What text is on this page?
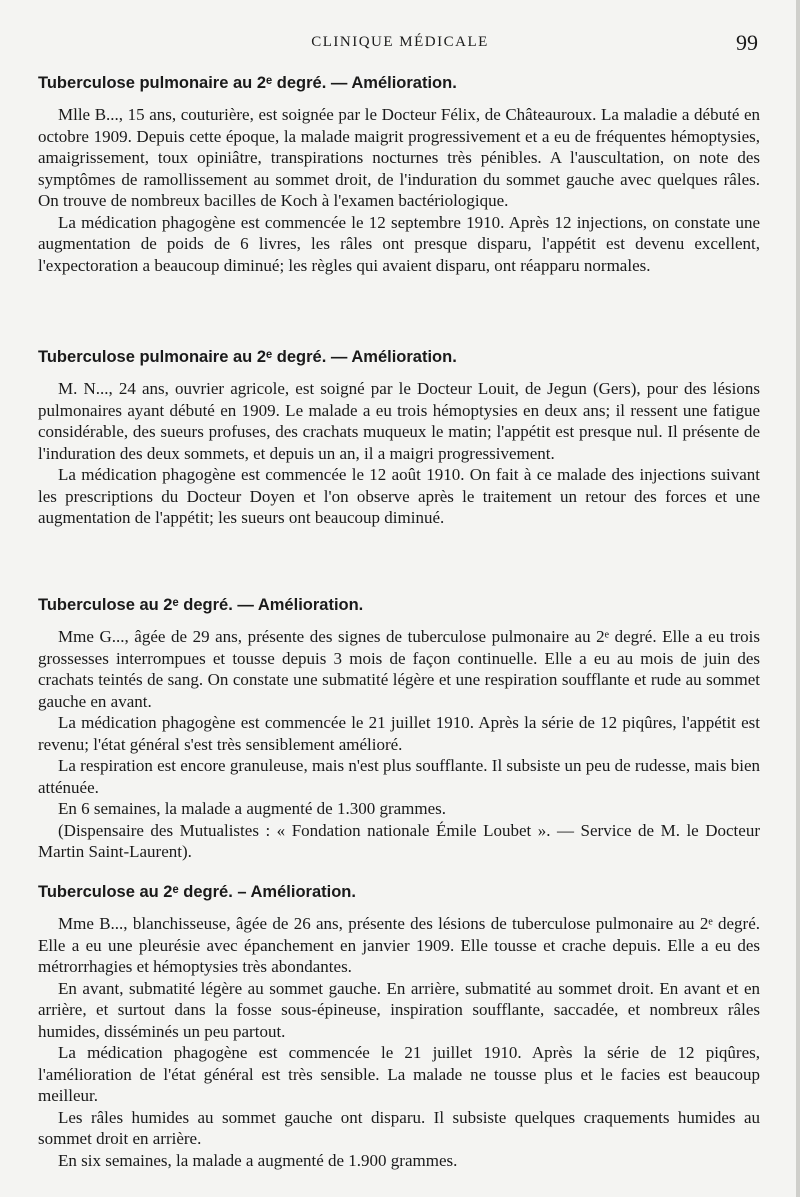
CLINIQUE MÉDICALE	99

Tuberculose pulmonaire au 2ᵉ degré. — Amélioration.

Mlle B..., 15 ans, couturière, est soignée par le Docteur Félix, de Châteauroux. La maladie a débuté en octobre 1909. Depuis cette époque, la malade maigrit progressivement et a eu de fréquentes hémoptysies, amaigrissement, toux opiniâtre, transpirations nocturnes très pénibles. A l'auscultation, on note des symptômes de ramollissement au sommet droit, de l'induration du sommet gauche avec quelques râles. On trouve de nombreux bacilles de Koch à l'examen bactériologique.

La médication phagogène est commencée le 12 septembre 1910. Après 12 injections, on constate une augmentation de poids de 6 livres, les râles ont presque disparu, l'appétit est devenu excellent, l'expectoration a beaucoup diminué; les règles qui avaient disparu, ont réapparu normales.

Tuberculose pulmonaire au 2ᵉ degré. — Amélioration.

M. N..., 24 ans, ouvrier agricole, est soigné par le Docteur Louit, de Jegun (Gers), pour des lésions pulmonaires ayant débuté en 1909. Le malade a eu trois hémoptysies en deux ans; il ressent une fatigue considérable, des sueurs profuses, des crachats muqueux le matin; l'appétit est presque nul. Il présente de l'induration des deux sommets, et depuis un an, il a maigri progressivement.

La médication phagogène est commencée le 12 août 1910. On fait à ce malade des injections suivant les prescriptions du Docteur Doyen et l'on observe après le traitement un retour des forces et une augmentation de l'appétit; les sueurs ont beaucoup diminué.

Tuberculose au 2ᵉ degré. — Amélioration.

Mme G..., âgée de 29 ans, présente des signes de tuberculose pulmonaire au 2ᵉ degré. Elle a eu trois grossesses interrompues et tousse depuis 3 mois de façon continuelle. Elle a eu au mois de juin des crachats teintés de sang. On constate une submatité légère et une respiration soufflante et rude au sommet gauche en avant.

La médication phagogène est commencée le 21 juillet 1910. Après la série de 12 piqûres, l'appétit est revenu; l'état général s'est très sensiblement amélioré.

La respiration est encore granuleuse, mais n'est plus soufflante. Il subsiste un peu de rudesse, mais bien atténuée.

En 6 semaines, la malade a augmenté de 1.300 grammes.

(Dispensaire des Mutualistes : « Fondation nationale Émile Loubet ». — Service de M. le Docteur Martin Saint-Laurent).

Tuberculose au 2ᵉ degré. – Amélioration.

Mme B..., blanchisseuse, âgée de 26 ans, présente des lésions de tuberculose pulmonaire au 2ᵉ degré. Elle a eu une pleurésie avec épanchement en janvier 1909. Elle tousse et crache depuis. Elle a eu des métrorrhagies et hémoptysies très abondantes.

En avant, submatité légère au sommet gauche. En arrière, submatité au sommet droit. En avant et en arrière, et surtout dans la fosse sous-épineuse, inspiration soufflante, saccadée, et nombreux râles humides, disséminés un peu partout.

La médication phagogène est commencée le 21 juillet 1910. Après la série de 12 piqûres, l'amélioration de l'état général est très sensible. La malade ne tousse plus et le facies est beaucoup meilleur.

Les râles humides au sommet gauche ont disparu. Il subsiste quelques craquements humides au sommet droit en arrière.

En six semaines, la malade a augmenté de 1.900 grammes.
